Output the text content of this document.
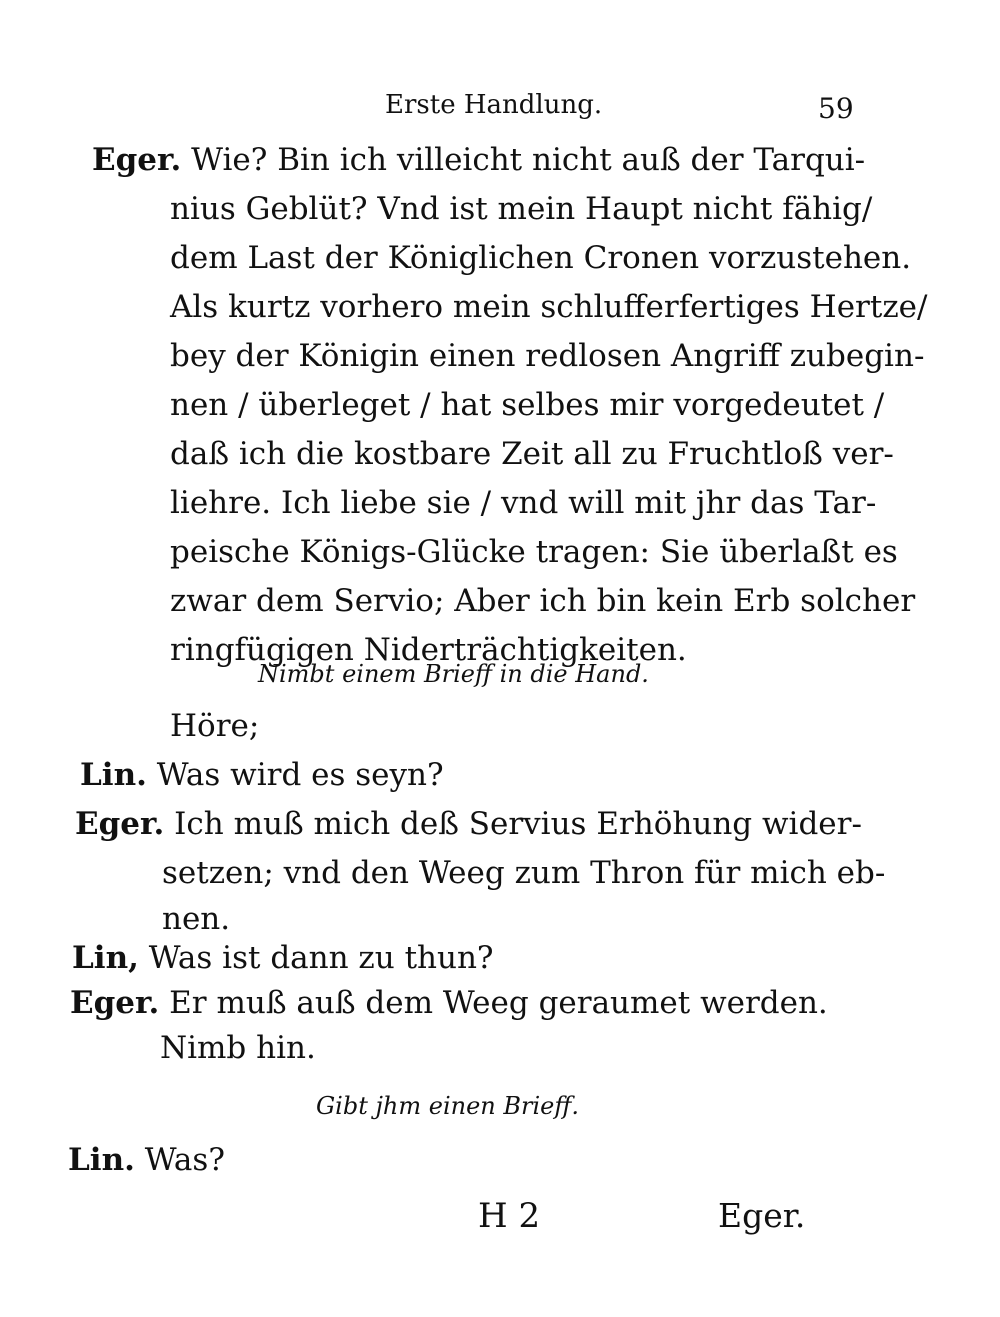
Erste Handlung.	59
Eger. Wie? Bin ich villeicht nicht auß der Tarqui-
nius Geblüt? Vnd ist mein Haupt nicht fähig/
dem Last der Königlichen Cronen vorzustehen.
Als kurtz vorhero mein schlufferfertiges Hertze/
bey der Königin einen redlosen Angriff zubegin-
nen / überleget / hat selbes mir vorgedeutet /
daß ich die kostbare Zeit all zu Fruchtloß ver-
liehre. Ich liebe sie / vnd will mit jhr das Tar-
peische Königs-Glücke tragen: Sie überlaßt es
zwar dem Servio; Aber ich bin kein Erb solcher
ringfügigen Niderträchtigkeiten.
Nimbt einem Brieff in die Hand.
Höre;
Lin. Was wird es seyn?
Eger. Ich muß mich deß Servius Erhöhung wider-
setzen; vnd den Weeg zum Thron für mich eb-
nen.
Lin, Was ist dann zu thun?
Eger. Er muß auß dem Weeg geraumet werden.
Nimb hin.
Gibt jhm einen Brieff.
Lin. Was?
H 2	Eger.
